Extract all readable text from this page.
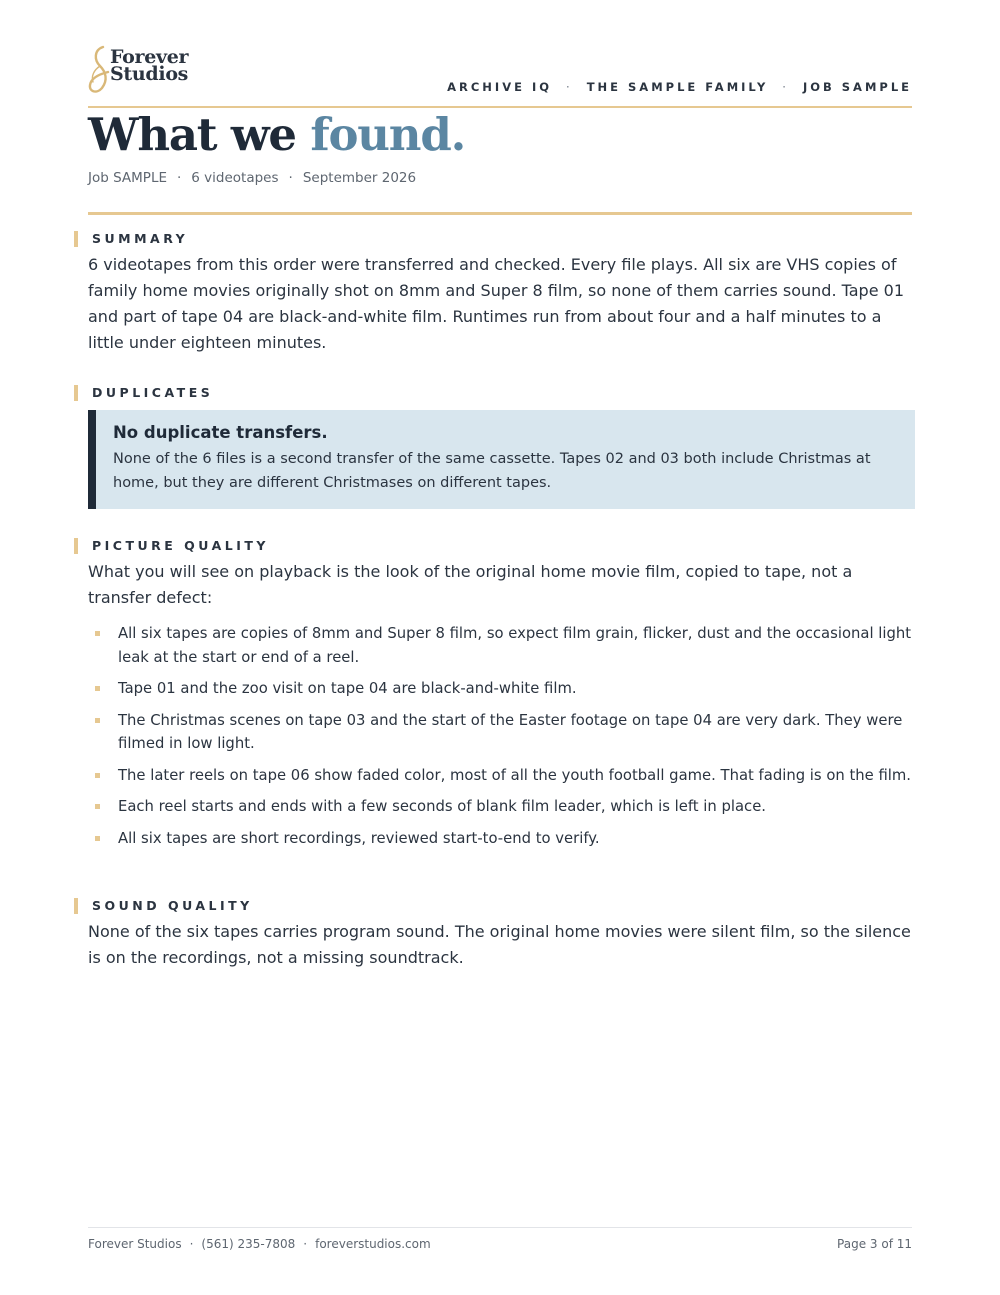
Forever
Studios
ARCHIVE IQ · THE SAMPLE FAMILY · JOB SAMPLE
What we found.
Job SAMPLE · 6 videotapes · September 2026
SUMMARY

6 videotapes from this order were transferred and checked. Every file plays. All six are VHS copies of family home movies originally shot on 8mm and Super 8 film, so none of them carries sound. Tape 01 and part of tape 04 are black-and-white film. Runtimes run from about four and a half minutes to a little under eighteen minutes.

DUPLICATES
No duplicate transfers.
None of the 6 files is a second transfer of the same cassette. Tapes 02 and 03 both include Christmas at home, but they are different Christmases on different tapes.
PICTURE QUALITY

What you will see on playback is the look of the original home movie film, copied to tape, not a transfer defect:

All six tapes are copies of 8mm and Super 8 film, so expect film grain, flicker, dust and the occasional light leak at the start or end of a reel.
Tape 01 and the zoo visit on tape 04 are black-and-white film.
The Christmas scenes on tape 03 and the start of the Easter footage on tape 04 are very dark. They were filmed in low light.
The later reels on tape 06 show faded color, most of all the youth football game. That fading is on the film.
Each reel starts and ends with a few seconds of blank film leader, which is left in place.
All six tapes are short recordings, reviewed start-to-end to verify.
SOUND QUALITY

None of the six tapes carries program sound. The original home movies were silent film, so the silence is on the recordings, not a missing soundtrack.

Forever Studios · (561) 235-7808 · foreverstudios.com	Page 3 of 11
